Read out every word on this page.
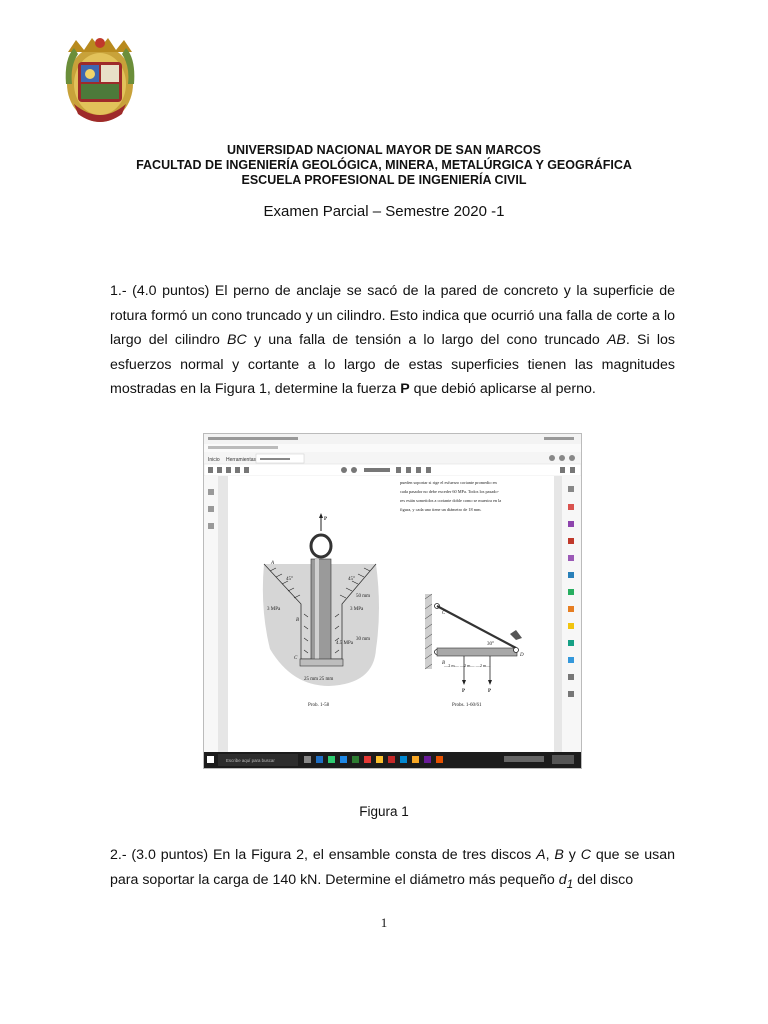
UNIVERSIDAD NACIONAL MAYOR DE SAN MARCOS
FACULTAD DE INGENIERÍA GEOLÓGICA, MINERA, METALÚRGICA Y GEOGRÁFICA
ESCUELA PROFESIONAL DE INGENIERÍA CIVIL
Examen Parcial – Semestre 2020 -1

1.- (4.0 puntos) El perno de anclaje se sacó de la pared de concreto y la superficie de rotura formó un cono truncado y un cilindro. Esto indica que ocurrió una falla de corte a lo largo del cilindro BC y una falla de tensión a lo largo del cono truncado AB. Si los esfuerzos normal y cortante a lo largo de estas superficies tienen las magnitudes mostradas en la Figura 1, determine la fuerza P que debió aplicarse al perno.

Inicio Herramientas
pueden soportar si rige el esfuerzo cortante promedio en
cada pasador no debe exceder 60 MPa. Todos los pasado-
res están sometidos a cortante doble como se muestra en la
figura, y cada uno tiene un diámetro de 18 mm.
P
A
B
C
45°	45°
3 MPa	3 MPa
4.5 MPa
50 mm
30 mm
25 mm 25 mm
Prob. 1-58
C
B
D
30°
—2 m— —2 m— —2 m—
P	P
Probs. 1-60/61
Escribe aquí para buscar
Figura 1

2.- (3.0 puntos) En la Figura 2, el ensamble consta de tres discos A, B y C que se usan para soportar la carga de 140 kN. Determine el diámetro más pequeño $d_1$ del disco

1
